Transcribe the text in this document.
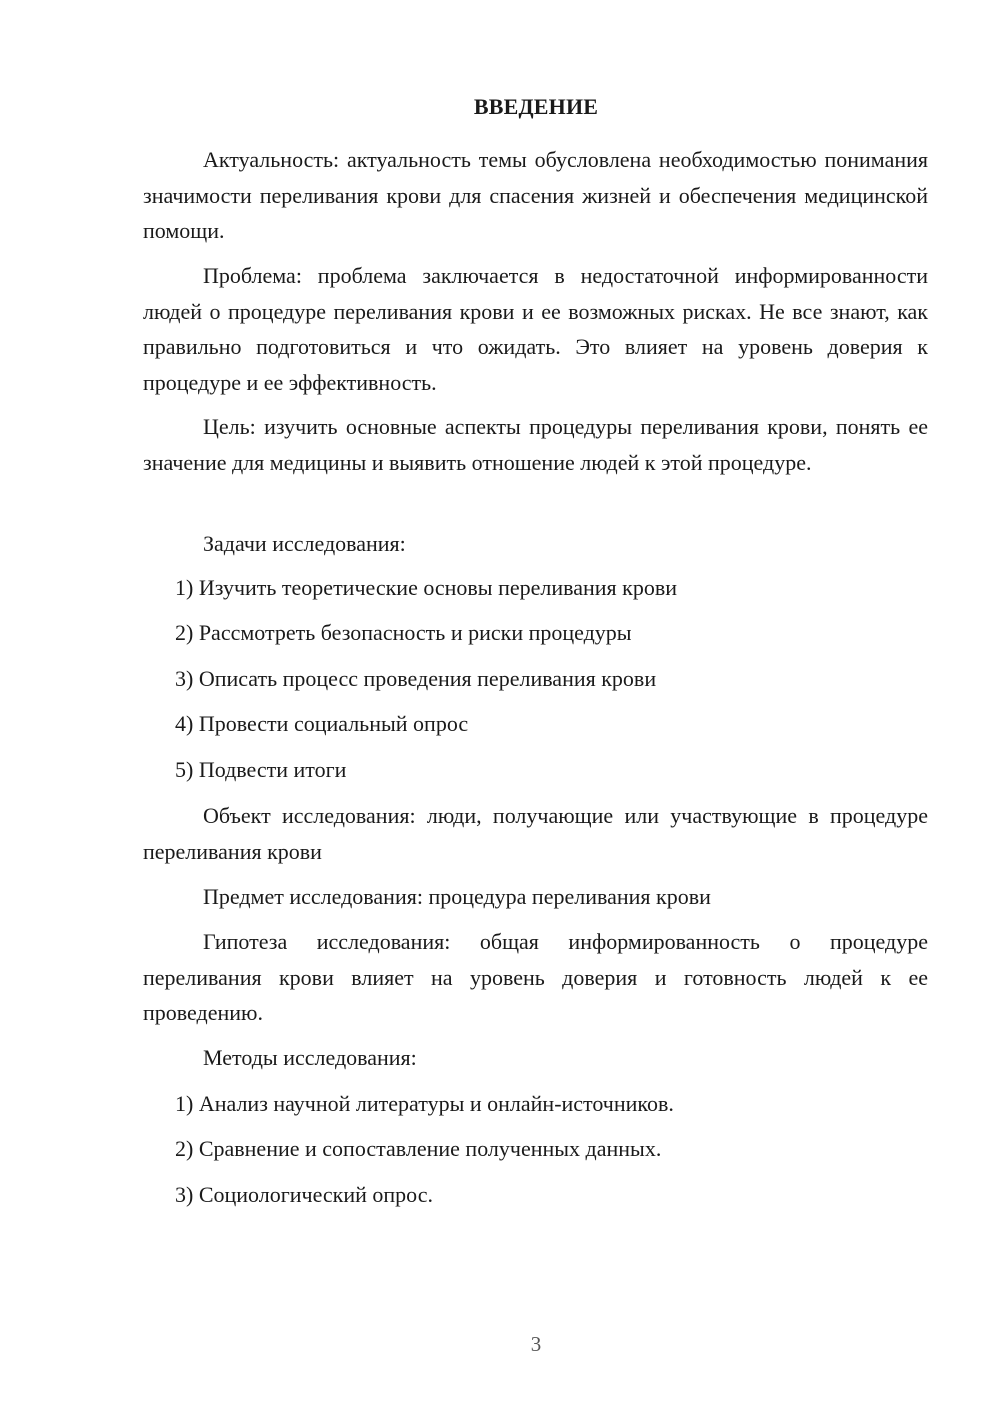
ВВЕДЕНИЕ

Актуальность: актуальность темы обусловлена необходимостью понимания значимости переливания крови для спасения жизней и обеспечения медицинской помощи.

Проблема: проблема заключается в недостаточной информированности людей о процедуре переливания крови и ее возможных рисках. Не все знают, как правильно подготовиться и что ожидать. Это влияет на уровень доверия к процедуре и ее эффективность.

Цель: изучить основные аспекты процедуры переливания крови, понять ее значение для медицины и выявить отношение людей к этой процедуре.

Задачи исследования:

1) Изучить теоретические основы переливания крови

2) Рассмотреть безопасность и риски процедуры

3) Описать процесс проведения переливания крови

4) Провести социальный опрос

5) Подвести итоги

Объект исследования: люди, получающие или участвующие в процедуре переливания крови

Предмет исследования: процедура переливания крови

Гипотеза исследования: общая информированность о процедуре переливания крови влияет на уровень доверия и готовность людей к ее проведению.

Методы исследования:

1) Анализ научной литературы и онлайн-источников.

2) Сравнение и сопоставление полученных данных.

3) Социологический опрос.

3
